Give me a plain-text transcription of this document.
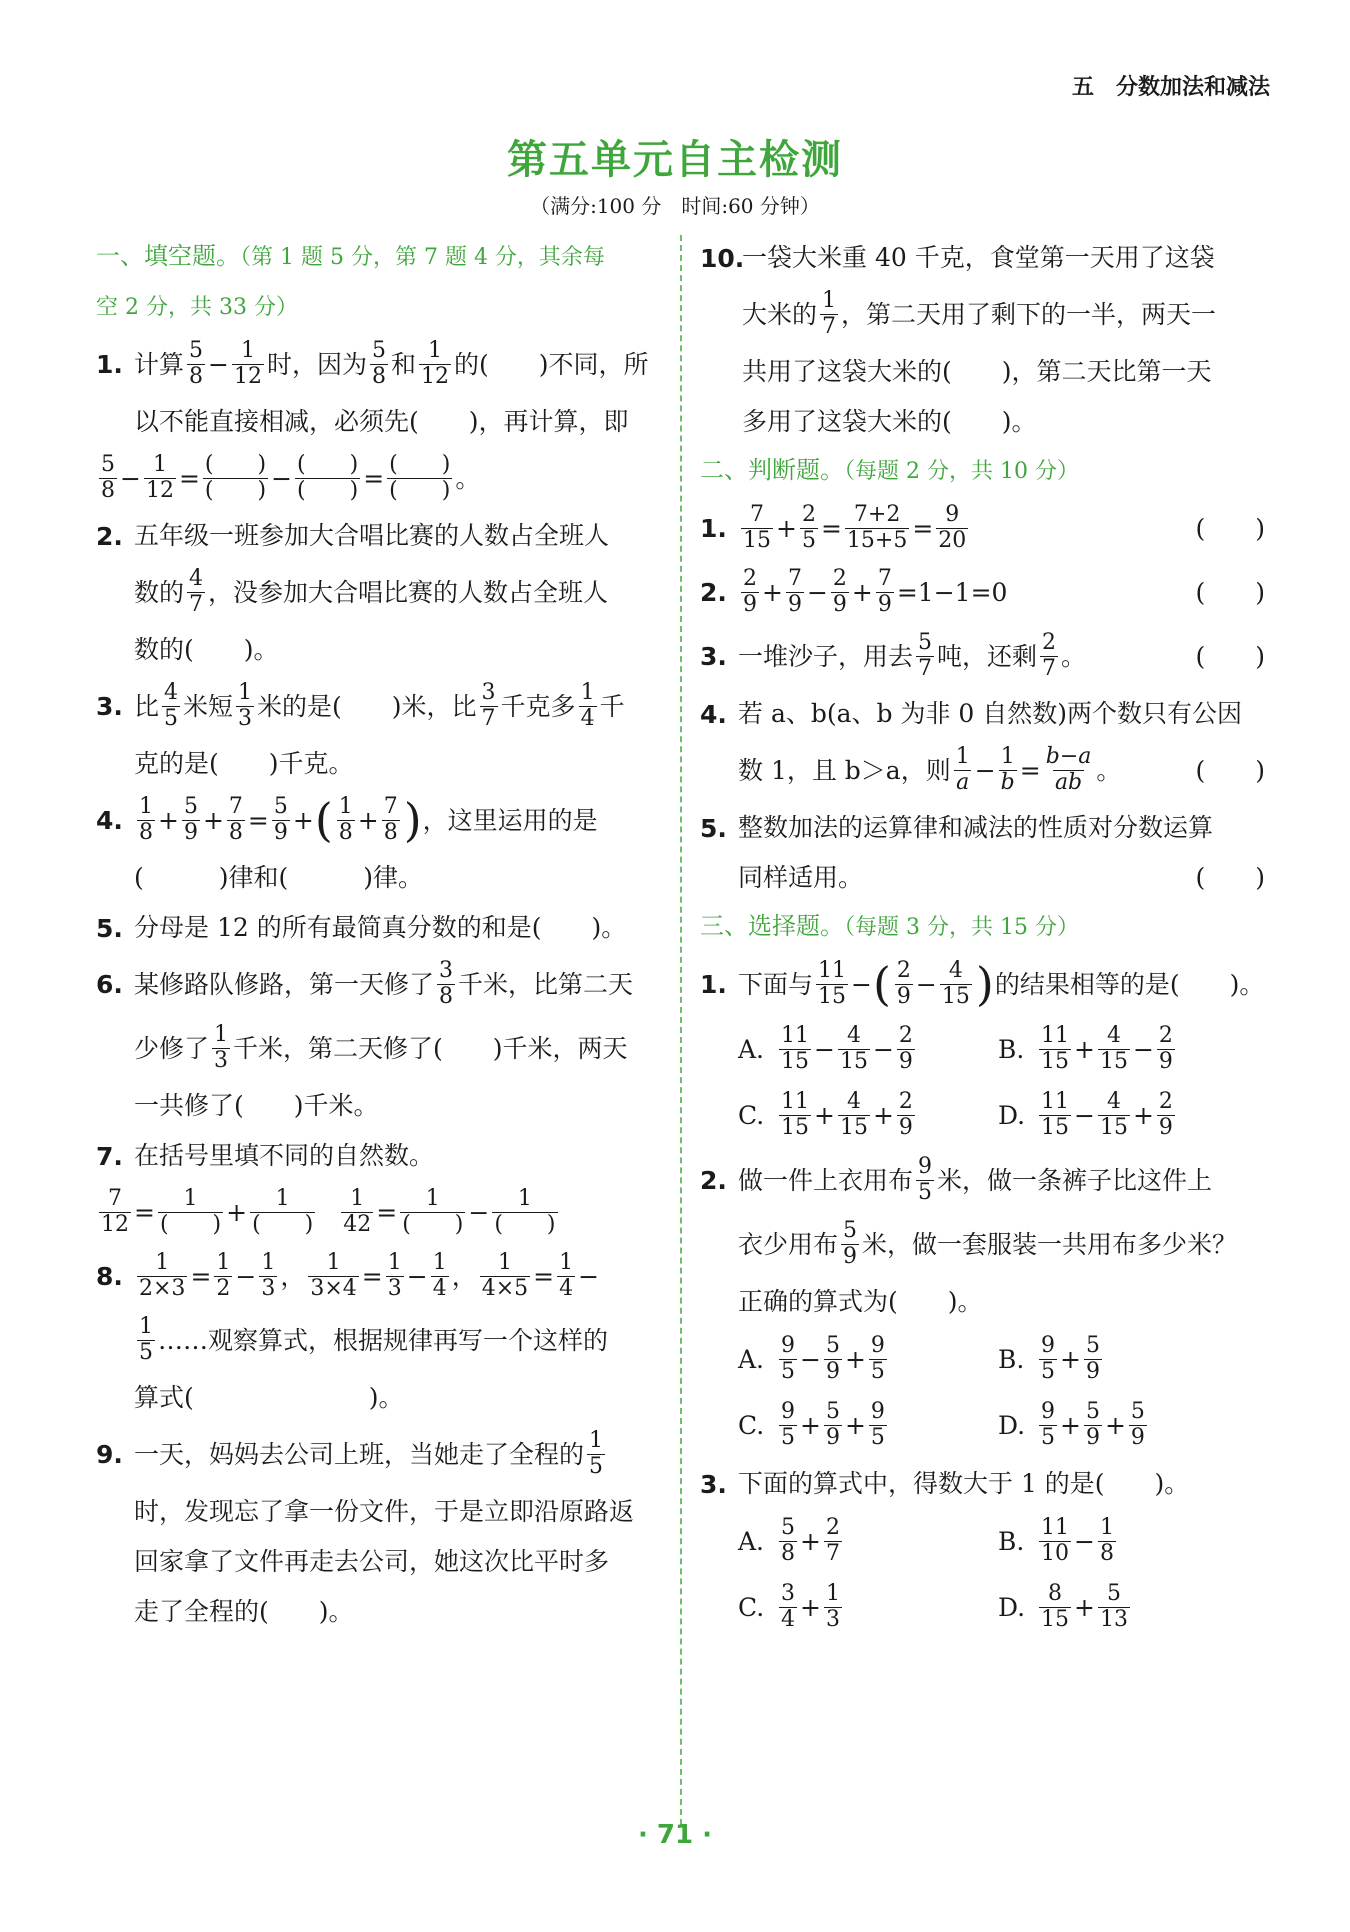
五　分数加法和减法
第五单元自主检测
（满分:100 分　时间:60 分钟）
一、填空题。（第 1 题 5 分，第 7 题 4 分，其余每
空 2 分，共 33 分）
1. 计算 $\frac{5}{8} - \frac{1}{12}$ 时，因为 $\frac{5}{8}$ 和 $\frac{1}{12}$ 的(　　)不同，所
以不能直接相减，必须先(　　)，再计算，即
$\frac{5}{8} - \frac{1}{12} = \frac{( )}{( )} - \frac{( )}{( )} = \frac{( )}{( )}$ 。
2. 五年级一班参加大合唱比赛的人数占全班人
数的 $\frac{4}{7}$ ，没参加大合唱比赛的人数占全班人
数的(　　)。
3. 比 $\frac{4}{5}$ 米短 $\frac{1}{3}$ 米的是(　　)米，比 $\frac{3}{7}$ 千克多 $\frac{1}{4}$ 千
克的是(　　)千克。
4. $\frac{1}{8} + \frac{5}{9} + \frac{7}{8} = \frac{5}{9}$ + ( $\frac{1}{8} + \frac{7}{8}$ ) ，这里运用的是
(　　　)律和(　　　)律。
5. 分母是 12 的所有最简真分数的和是(　　)。
6. 某修路队修路，第一天修了 $\frac{3}{8}$ 千米，比第二天
少修了 $\frac{1}{3}$ 千米，第二天修了(　　)千米，两天
一共修了(　　)千米。
7. 在括号里填不同的自然数。
$\frac{7}{12} = \frac{1}{( )} + \frac{1}{( )} \frac{1}{42} = \frac{1}{( )} - \frac{1}{( )}$
8. $\frac{1}{2\times 3} = \frac{1}{2} - \frac{1}{3}$ ， $\frac{1}{3\times 4} = \frac{1}{3} - \frac{1}{4}$ ， $\frac{1}{4\times 5} = \frac{1}{4}$ −
$\frac{1}{5}$ ……观察算式，根据规律再写一个这样的
算式(　　　　　　　)。
9. 一天，妈妈去公司上班，当她走了全程的 $\frac{1}{5}$
时，发现忘了拿一份文件，于是立即沿原路返
回家拿了文件再走去公司，她这次比平时多
走了全程的(　　)。
10.
一袋大米重 40 千克，食堂第一天用了这袋
大米的 $\frac{1}{7}$ ，第二天用了剩下的一半，两天一
共用了这袋大米的(　　)，第二天比第一天
多用了这袋大米的(　　)。
二、判断题。（每题 2 分，共 10 分）
1. $\frac{7}{15} + \frac{2}{5} = \frac{7+2}{15+5} = \frac{9}{20}$	(　　)
2. $\frac{2}{9} + \frac{7}{9} - \frac{2}{9} + \frac{7}{9} =1-1=0$	(　　)
3. 一堆沙子，用去 $\frac{5}{7}$ 吨，还剩 $\frac{2}{7}$ 。	(　　)
4. 若 a、b(a、b 为非 0 自然数)两个数只有公因
数 1，且 b＞a，则 $\frac{1}{a} - \frac{1}{b} = \frac{b-a}{ab}$ 。	(　　)
5. 整数加法的运算律和减法的性质对分数运算
同样适用。	(　　)
三、选择题。（每题 3 分，共 15 分）
1. 下面与 $\frac{11}{15}$ − ( $\frac{2}{9} - \frac{4}{15}$ ) 的结果相等的是(　　)。
A. $\frac{11}{15} - \frac{4}{15} - \frac{2}{9}$	B. $\frac{11}{15} + \frac{4}{15} - \frac{2}{9}$
C. $\frac{11}{15} + \frac{4}{15} + \frac{2}{9}$	D. $\frac{11}{15} - \frac{4}{15} + \frac{2}{9}$
2. 做一件上衣用布 $\frac{9}{5}$ 米，做一条裤子比这件上
衣少用布 $\frac{5}{9}$ 米，做一套服装一共用布多少米？
正确的算式为(　　)。
A. $\frac{9}{5} - \frac{5}{9} + \frac{9}{5}$	B. $\frac{9}{5} + \frac{5}{9}$
C. $\frac{9}{5} + \frac{5}{9} + \frac{9}{5}$	D. $\frac{9}{5} + \frac{5}{9} + \frac{5}{9}$
3. 下面的算式中，得数大于 1 的是(　　)。
A. $\frac{5}{8} + \frac{2}{7}$	B. $\frac{11}{10} - \frac{1}{8}$
C. $\frac{3}{4} + \frac{1}{3}$	D. $\frac{8}{15} + \frac{5}{13}$
· 71 ·
